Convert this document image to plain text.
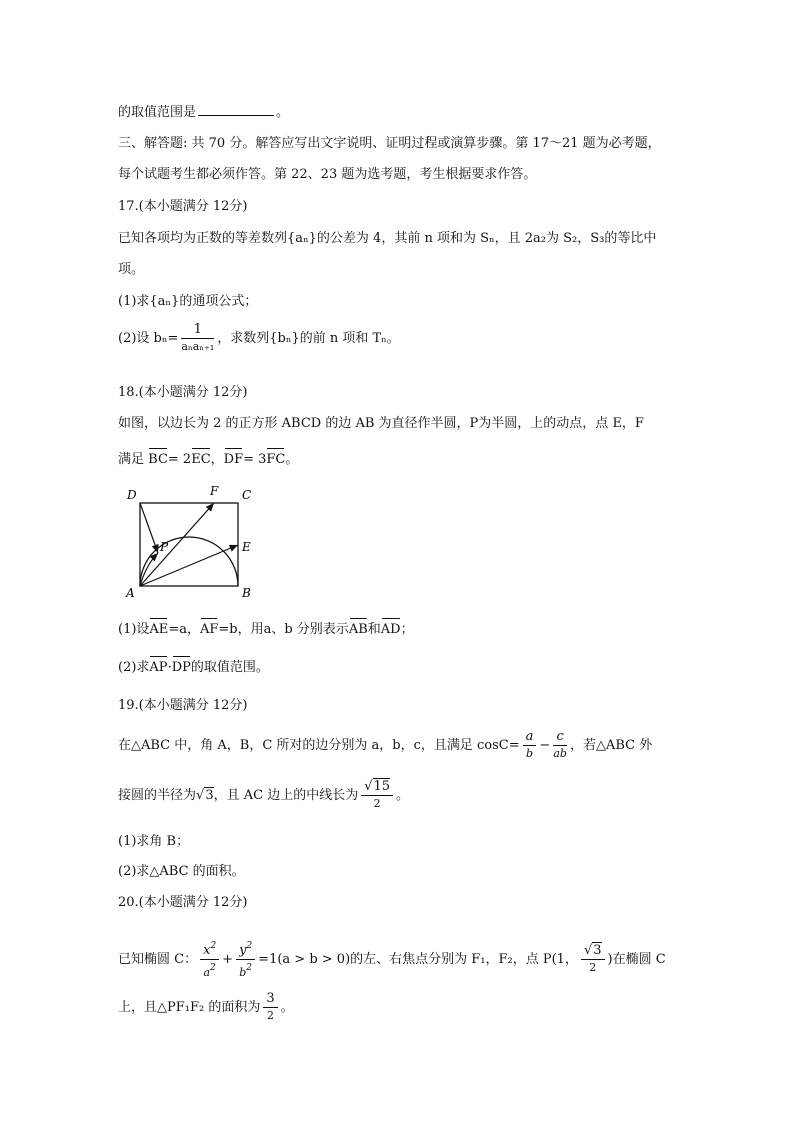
的取值范围是	。
三、解答题: 共 70 分。解答应写出文字说明、证明过程或演算步骤。第 17～21 题为必考题，
每个试题考生都必须作答。第 22、23 题为选考题，考生根据要求作答。
17.(本小题满分 12分)
已知各项均为正数的等差数列{aₙ}的公差为 4，其前 n 项和为 Sₙ，且 2a₂为 S₂，S₃的等比中
项。
(1)求{aₙ}的通项公式；
(2)设 $b_n= \frac{1}{\text{aₙaₙ₊₁}}$ ，求数列{bₙ}的前 n 项和 Tₙ。
18.(本小题满分 12分)
如图，以边长为 2 的正方形 ABCD 的边 AB 为直径作半圆，P为半圆，上的动点，点 E，F
满足 BC= 2EC，DF= 3FC。
D	F C
P	E
A	B
(1)设AE=a，AF=b，用a、b 分别表示AB和AD；
(2)求AP·DP的取值范围。
19.(本小题满分 12分)
在△ABC 中，角 A，B，C 所对的边分别为 a，b，c，且满足 $\cos C= \frac{a}{b} - \frac{c}{ab}$ ，若△ABC 外
接圆的半径为√3，且 AC 边上的中线长为 $\frac{√15}{2}$ 。
(1)求角 B；
(2)求△ABC 的面积。
20.(本小题满分 12分)
已知椭圆 C： $\frac{x^2}{a^2} + \frac{y^2}{b^2} =1(a > b > 0)$的左、右焦点分别为 F₁，F₂，点 P(1， $\frac{√3}{2}$ )在椭圆 C
上，且△PF₁F₂ 的面积为 $\frac{3}{2}$ 。
